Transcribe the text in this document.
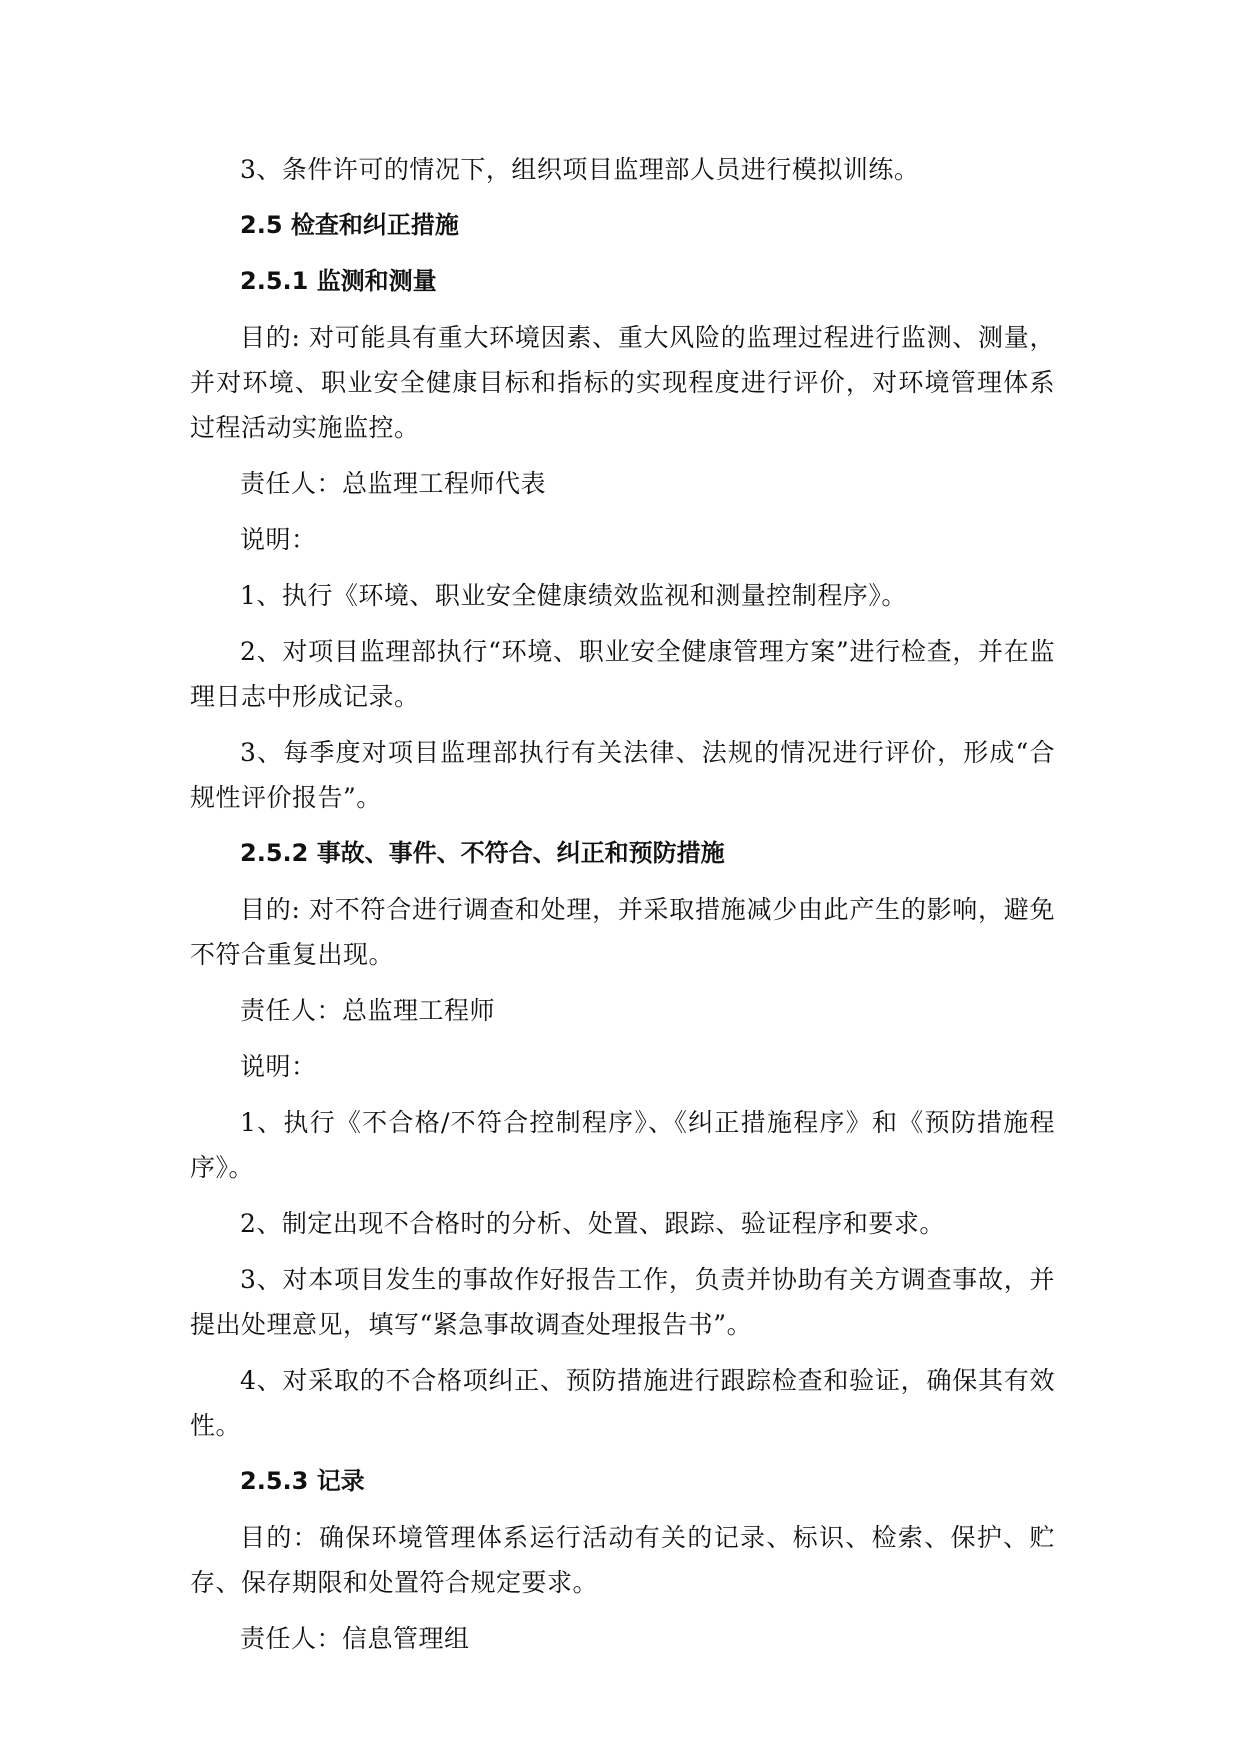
3、条件许可的情况下，组织项目监理部人员进行模拟训练。

2.5 检查和纠正措施

2.5.1 监测和测量

目的: 对可能具有重大环境因素、重大风险的监理过程进行监测、测量，并对环境、职业安全健康目标和指标的实现程度进行评价，对环境管理体系过程活动实施监控。

责任人：总监理工程师代表

说明：

1、执行《环境、职业安全健康绩效监视和测量控制程序》。

2、对项目监理部执行“环境、职业安全健康管理方案”进行检查，并在监理日志中形成记录。

3、每季度对项目监理部执行有关法律、法规的情况进行评价，形成“合规性评价报告”。

2.5.2 事故、事件、不符合、纠正和预防措施

目的: 对不符合进行调查和处理，并采取措施减少由此产生的影响，避免不符合重复出现。

责任人：总监理工程师

说明：

1、执行《不合格/不符合控制程序》、《纠正措施程序》和《预防措施程序》。

2、制定出现不合格时的分析、处置、跟踪、验证程序和要求。

3、对本项目发生的事故作好报告工作，负责并协助有关方调查事故，并提出处理意见，填写“紧急事故调查处理报告书”。

4、对采取的不合格项纠正、预防措施进行跟踪检查和验证，确保其有效性。

2.5.3 记录

目的：确保环境管理体系运行活动有关的记录、标识、检索、保护、贮存、保存期限和处置符合规定要求。

责任人：信息管理组
